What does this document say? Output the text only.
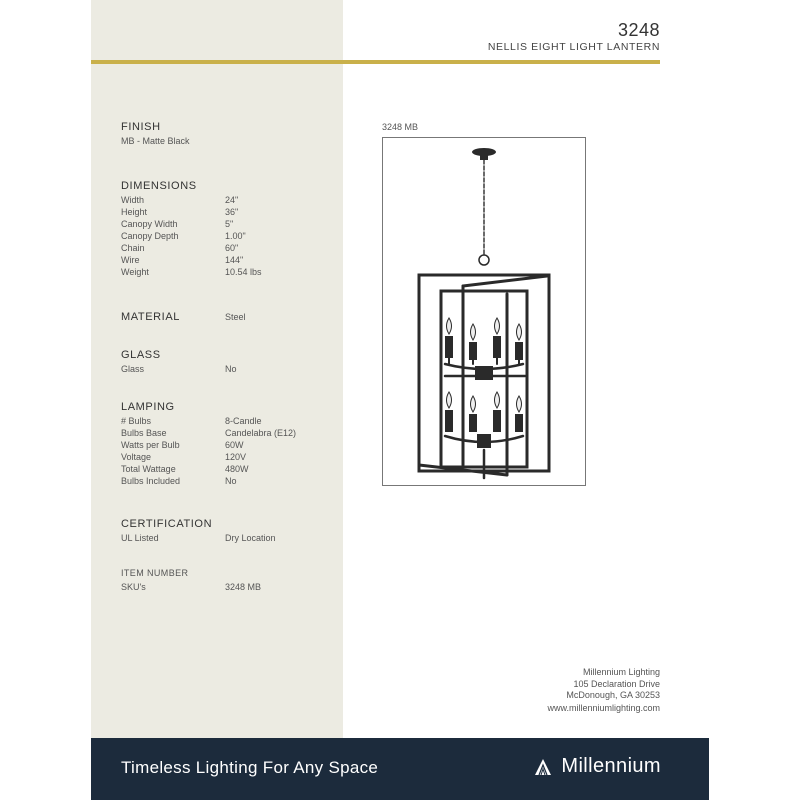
3248
NELLIS EIGHT LIGHT LANTERN
FINISH
MB - Matte Black
DIMENSIONS
Width	24"
Height	36"
Canopy Width	5"
Canopy Depth	1.00"
Chain	60"
Wire	144"
Weight	10.54 lbs
MATERIAL	Steel
GLASS
Glass	No
LAMPING
# Bulbs	8-Candle
Bulbs Base	Candelabra (E12)
Watts per Bulb	60W
Voltage	120V
Total Wattage	480W
Bulbs Included	No
CERTIFICATION
UL Listed	Dry Location
ITEM NUMBER
SKU's	3248 MB
3248 MB
Millennium Lighting
105 Declaration Drive
McDonough, GA 30253
www.millenniumlighting.com
Timeless Lighting For Any Space	Millennium
